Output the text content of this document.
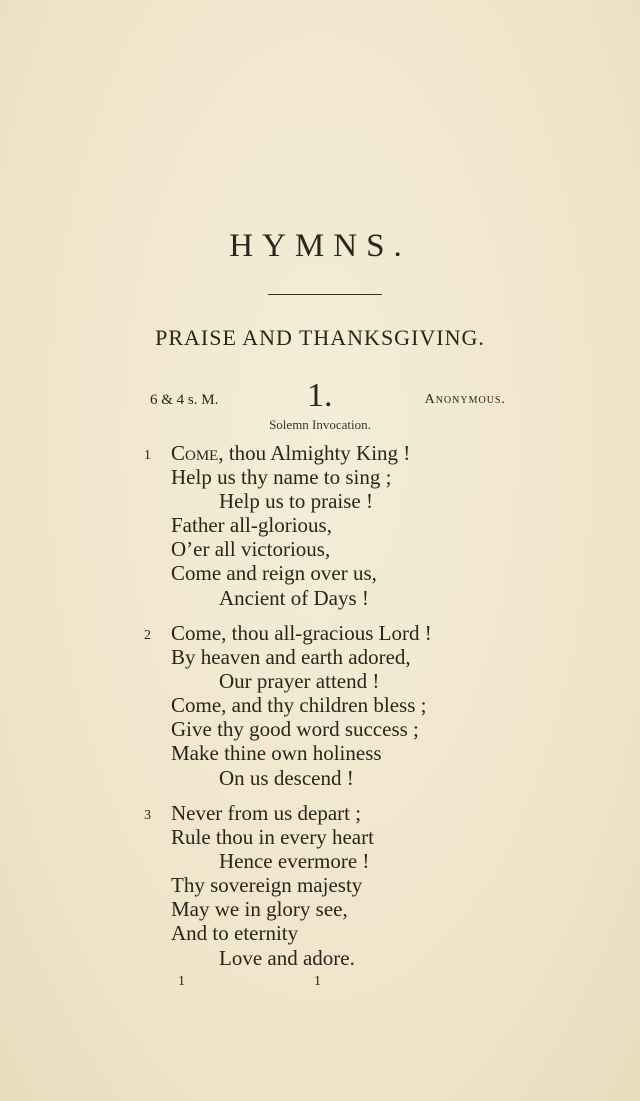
HYMNS.
PRAISE AND THANKSGIVING.
6 & 4 s. M.	1.	Anonymous.
Solemn Invocation.
1 Come, thou Almighty King !
Help us thy name to sing ;
Help us to praise !
Father all-glorious,
O’er all victorious,
Come and reign over us,
Ancient of Days !
2 Come, thou all-gracious Lord !
By heaven and earth adored,
Our prayer attend !
Come, and thy children bless ;
Give thy good word success ;
Make thine own holiness
On us descend !
3 Never from us depart ;
Rule thou in every heart
Hence evermore !
Thy sovereign majesty
May we in glory see,
And to eternity
Love and adore.
1	1
